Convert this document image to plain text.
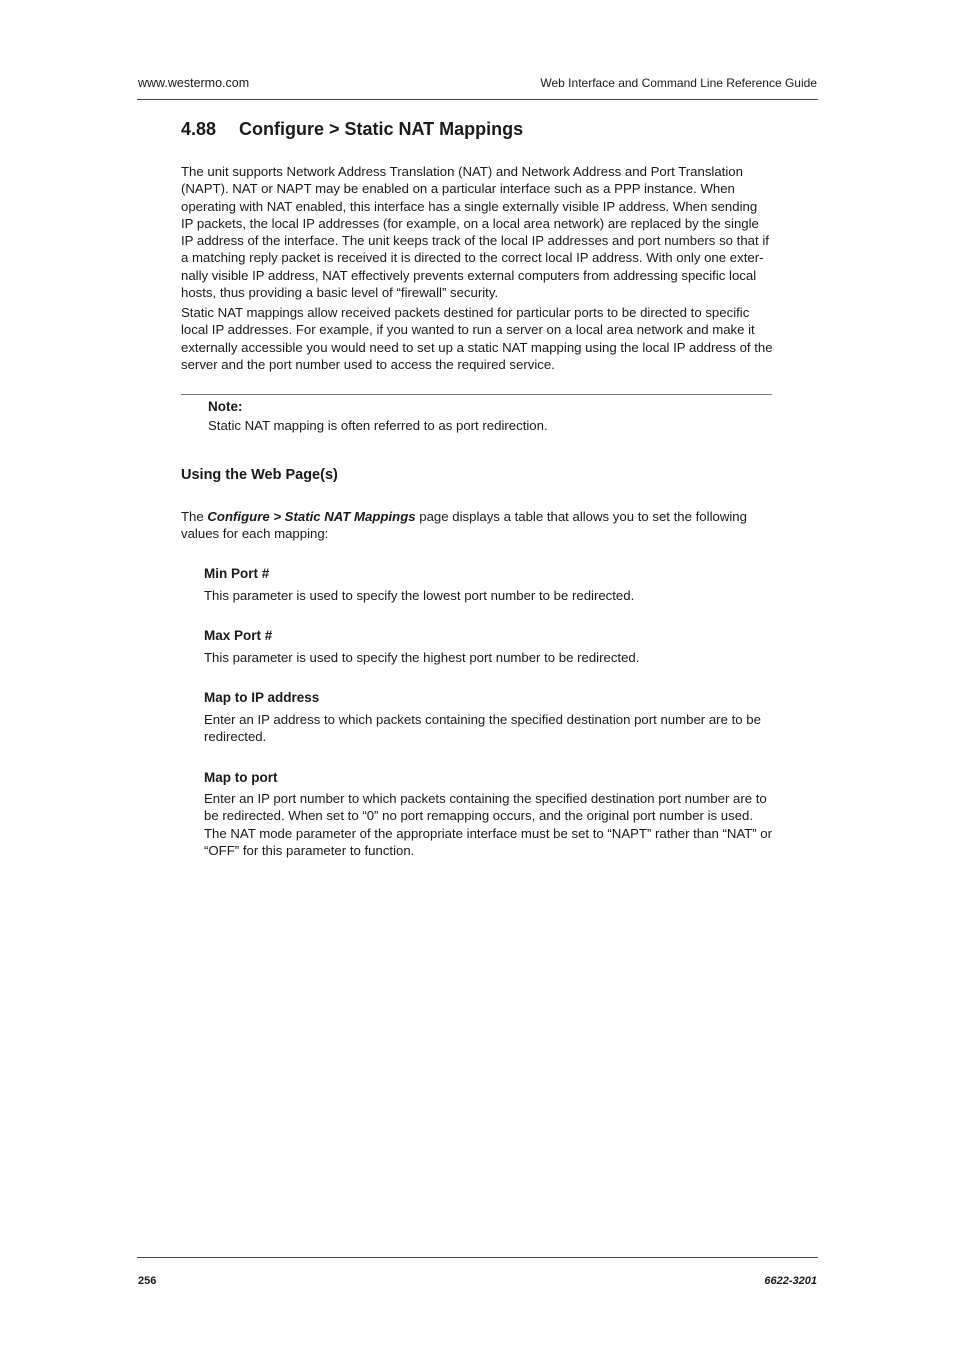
www.westermo.com	Web Interface and Command Line Reference Guide
4.88 Configure > Static NAT Mappings

The unit supports Network Address Translation (NAT) and Network Address and Port Translation (NAPT). NAT or NAPT may be enabled on a particular interface such as a PPP instance. When operating with NAT enabled, this interface has a single externally visible IP address. When sending IP packets, the local IP addresses (for example, on a local area network) are replaced by the single IP address of the interface. The unit keeps track of the local IP addresses and port numbers so that if a matching reply packet is received it is directed to the correct local IP address. With only one exter-nally visible IP address, NAT effectively prevents external computers from addressing specific local hosts, thus providing a basic level of “firewall” security.

Static NAT mappings allow received packets destined for particular ports to be directed to specific local IP addresses. For example, if you wanted to run a server on a local area network and make it externally accessible you would need to set up a static NAT mapping using the local IP address of the server and the port number used to access the required service.

Note:
Static NAT mapping is often referred to as port redirection.
Using the Web Page(s)

The Configure > Static NAT Mappings page displays a table that allows you to set the following values for each mapping:

Min Port #

This parameter is used to specify the lowest port number to be redirected.

Max Port #

This parameter is used to specify the highest port number to be redirected.

Map to IP address

Enter an IP address to which packets containing the specified destination port number are to be redirected.

Map to port

Enter an IP port number to which packets containing the specified destination port number are to be redirected. When set to “0” no port remapping occurs, and the original port number is used. The NAT mode parameter of the appropriate interface must be set to “NAPT” rather than “NAT” or “OFF” for this parameter to function.

256	6622-3201
